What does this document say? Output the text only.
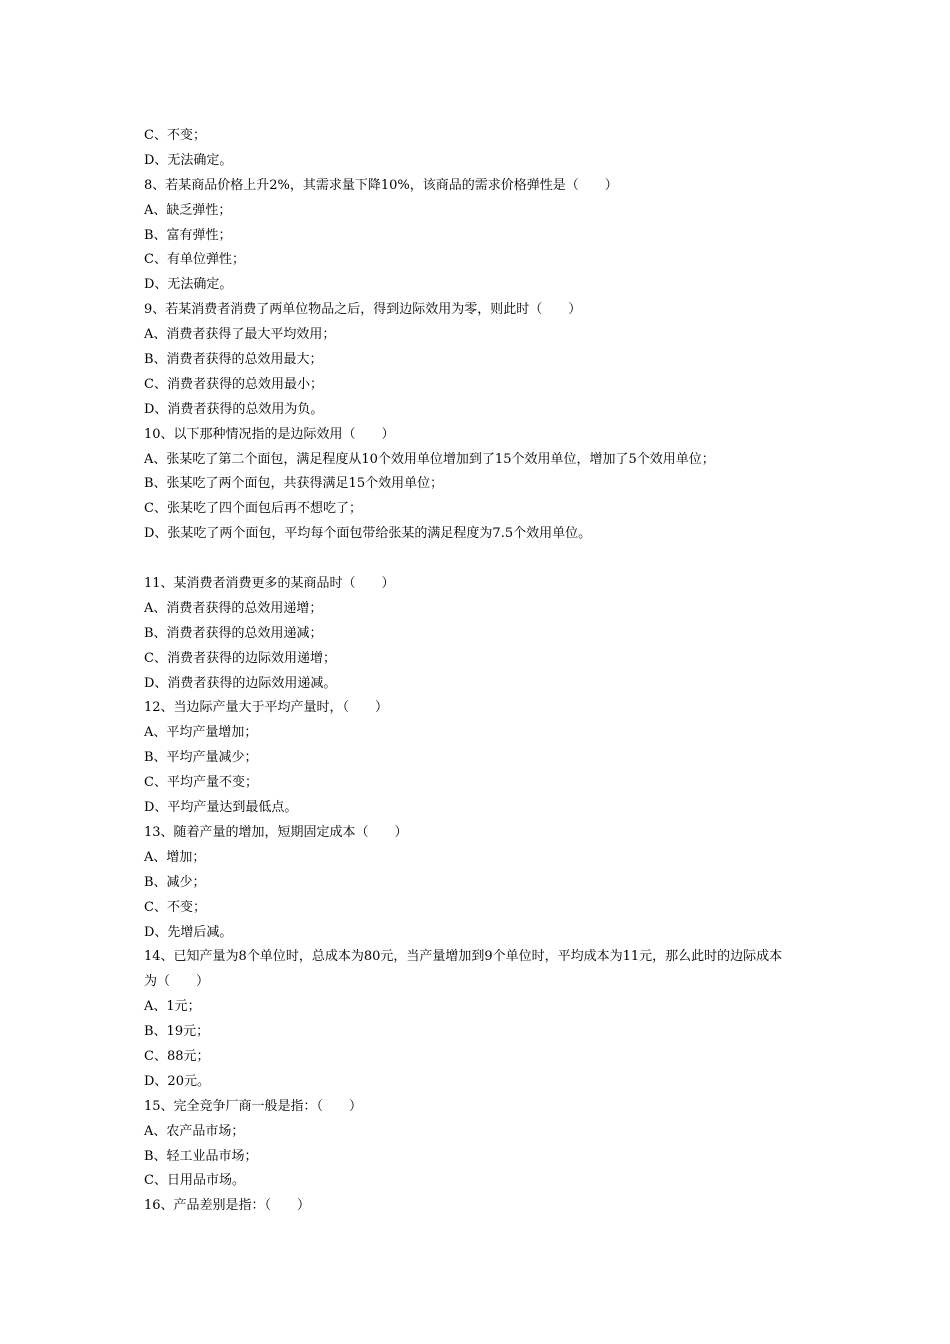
C、不变；
D、无法确定。
8、若某商品价格上升2%，其需求量下降10%，该商品的需求价格弹性是（　　）
A、缺乏弹性；
B、富有弹性；
C、有单位弹性；
D、无法确定。
9、若某消费者消费了两单位物品之后，得到边际效用为零，则此时（　　）
A、消费者获得了最大平均效用；
B、消费者获得的总效用最大；
C、消费者获得的总效用最小；
D、消费者获得的总效用为负。
10、以下那种情况指的是边际效用（　　）
A、张某吃了第二个面包，满足程度从10个效用单位增加到了15个效用单位，增加了5个效用单位；
B、张某吃了两个面包，共获得满足15个效用单位；
C、张某吃了四个面包后再不想吃了；
D、张某吃了两个面包，平均每个面包带给张某的满足程度为7.5个效用单位。
11、某消费者消费更多的某商品时（　　）
A、消费者获得的总效用递增；
B、消费者获得的总效用递减；
C、消费者获得的边际效用递增；
D、消费者获得的边际效用递减。
12、当边际产量大于平均产量时，（　　）
A、平均产量增加；
B、平均产量减少；
C、平均产量不变；
D、平均产量达到最低点。
13、随着产量的增加，短期固定成本（　　）
A、增加；
B、减少；
C、不变；
D、先增后减。
14、已知产量为8个单位时，总成本为80元，当产量增加到9个单位时，平均成本为11元，那么此时的边际成本
为（　　）
A、1元；
B、19元；
C、88元；
D、20元。
15、完全竞争厂商一般是指：（　　）
A、农产品市场；
B、轻工业品市场；
C、日用品市场。
16、产品差别是指：（　　）
